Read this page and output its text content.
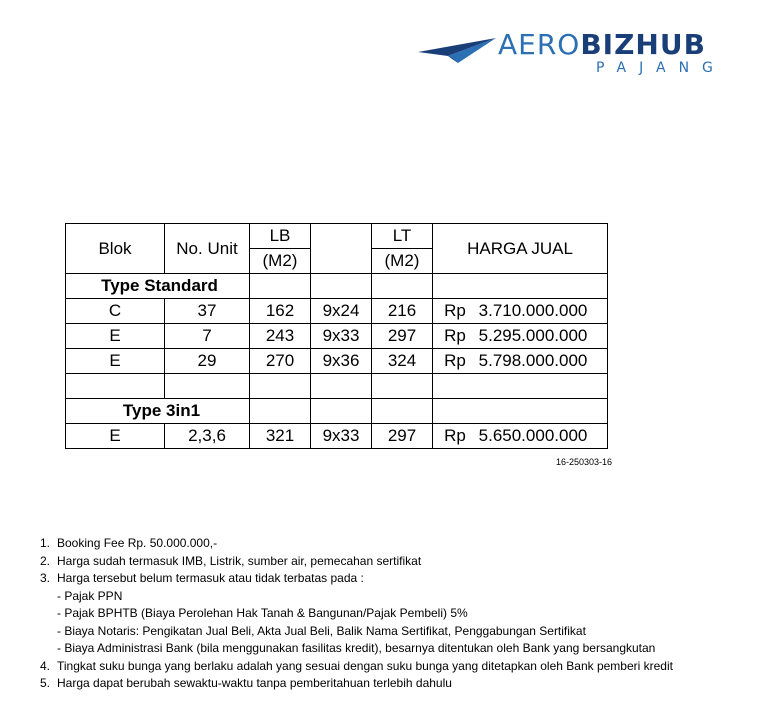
AEROBIZHUB
PAJANG
Blok	No. Unit	LB		LT	HARGA JUAL	
		(M2)		(M2)		
Type Standard						
C	37	162	9x24	216	Rp	3.710.000.000
E	7	243	9x33	297	Rp	5.295.000.000
E	29	270	9x36	324	Rp	5.798.000.000

Type 3in1						
E	2,3,6	321	9x33	297	Rp	5.650.000.000
16-250303-16
1. Booking Fee Rp. 50.000.000,-
2. Harga sudah termasuk IMB, Listrik, sumber air, pemecahan sertifikat
3. Harga tersebut belum termasuk atau tidak terbatas pada :
- Pajak PPN
- Pajak BPHTB (Biaya Perolehan Hak Tanah & Bangunan/Pajak Pembeli) 5%
- Biaya Notaris: Pengikatan Jual Beli, Akta Jual Beli, Balik Nama Sertifikat, Penggabungan Sertifikat
- Biaya Administrasi Bank (bila menggunakan fasilitas kredit), besarnya ditentukan oleh Bank yang bersangkutan
4. Tingkat suku bunga yang berlaku adalah yang sesuai dengan suku bunga yang ditetapkan oleh Bank pemberi kredit
5. Harga dapat berubah sewaktu-waktu tanpa pemberitahuan terlebih dahulu
